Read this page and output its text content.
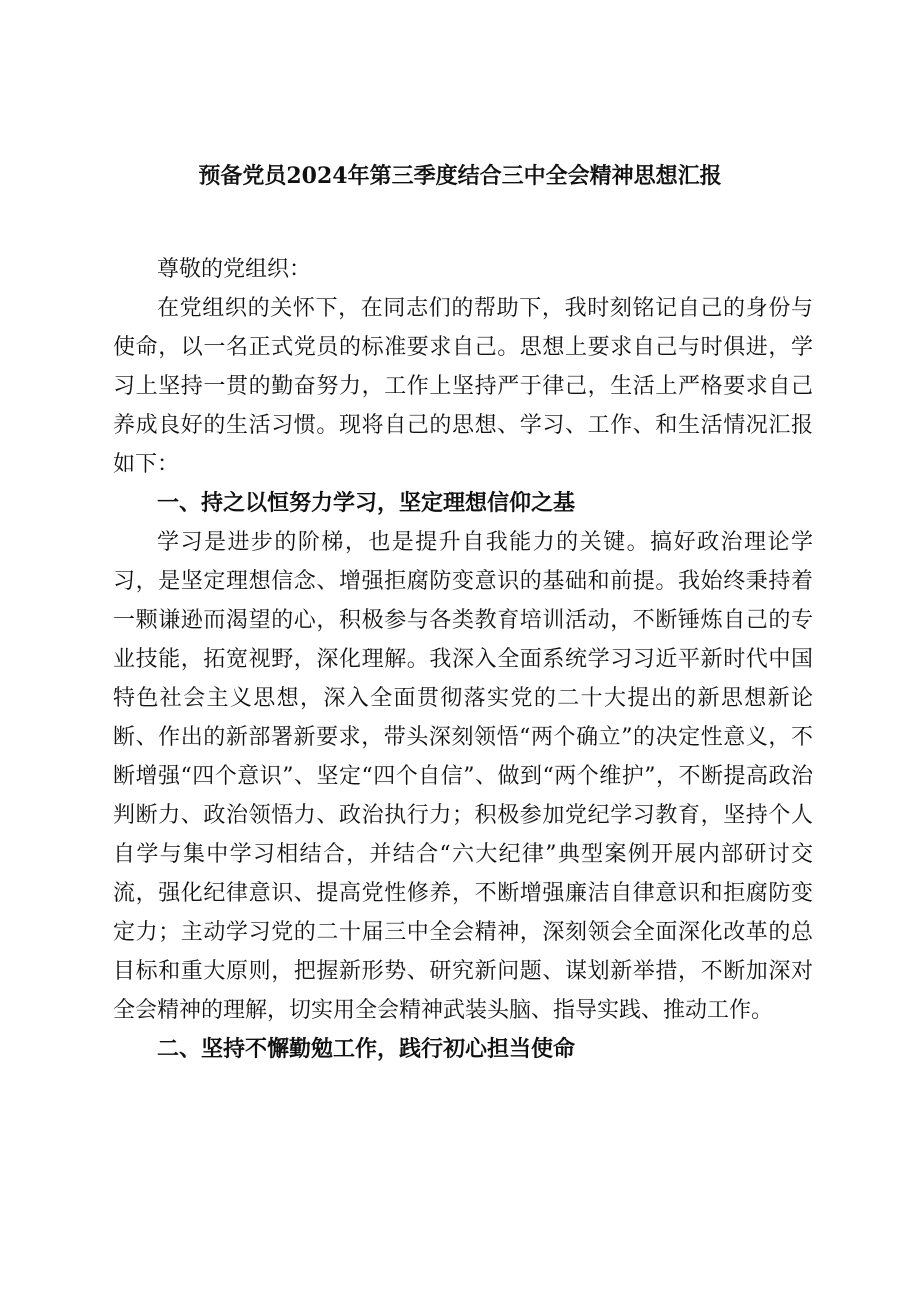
预备党员2024年第三季度结合三中全会精神思想汇报

尊敬的党组织：

在党组织的关怀下，在同志们的帮助下，我时刻铭记自己的身份与使命，以一名正式党员的标准要求自己。思想上要求自己与时俱进，学习上坚持一贯的勤奋努力，工作上坚持严于律己，生活上严格要求自己养成良好的生活习惯。现将自己的思想、学习、工作、和生活情况汇报如下：

一、持之以恒努力学习，坚定理想信仰之基

学习是进步的阶梯，也是提升自我能力的关键。搞好政治理论学习，是坚定理想信念、增强拒腐防变意识的基础和前提。我始终秉持着一颗谦逊而渴望的心，积极参与各类教育培训活动，不断锤炼自己的专业技能，拓宽视野，深化理解。我深入全面系统学习习近平新时代中国特色社会主义思想，深入全面贯彻落实党的二十大提出的新思想新论断、作出的新部署新要求，带头深刻领悟“两个确立”的决定性意义，不断增强“四个意识”、坚定“四个自信”、做到“两个维护”，不断提高政治判断力、政治领悟力、政治执行力；积极参加党纪学习教育，坚持个人自学与集中学习相结合，并结合“六大纪律”典型案例开展内部研讨交流，强化纪律意识、提高党性修养，不断增强廉洁自律意识和拒腐防变定力；主动学习党的二十届三中全会精神，深刻领会全面深化改革的总目标和重大原则，把握新形势、研究新问题、谋划新举措，不断加深对全会精神的理解，切实用全会精神武装头脑、指导实践、推动工作。

二、坚持不懈勤勉工作，践行初心担当使命
